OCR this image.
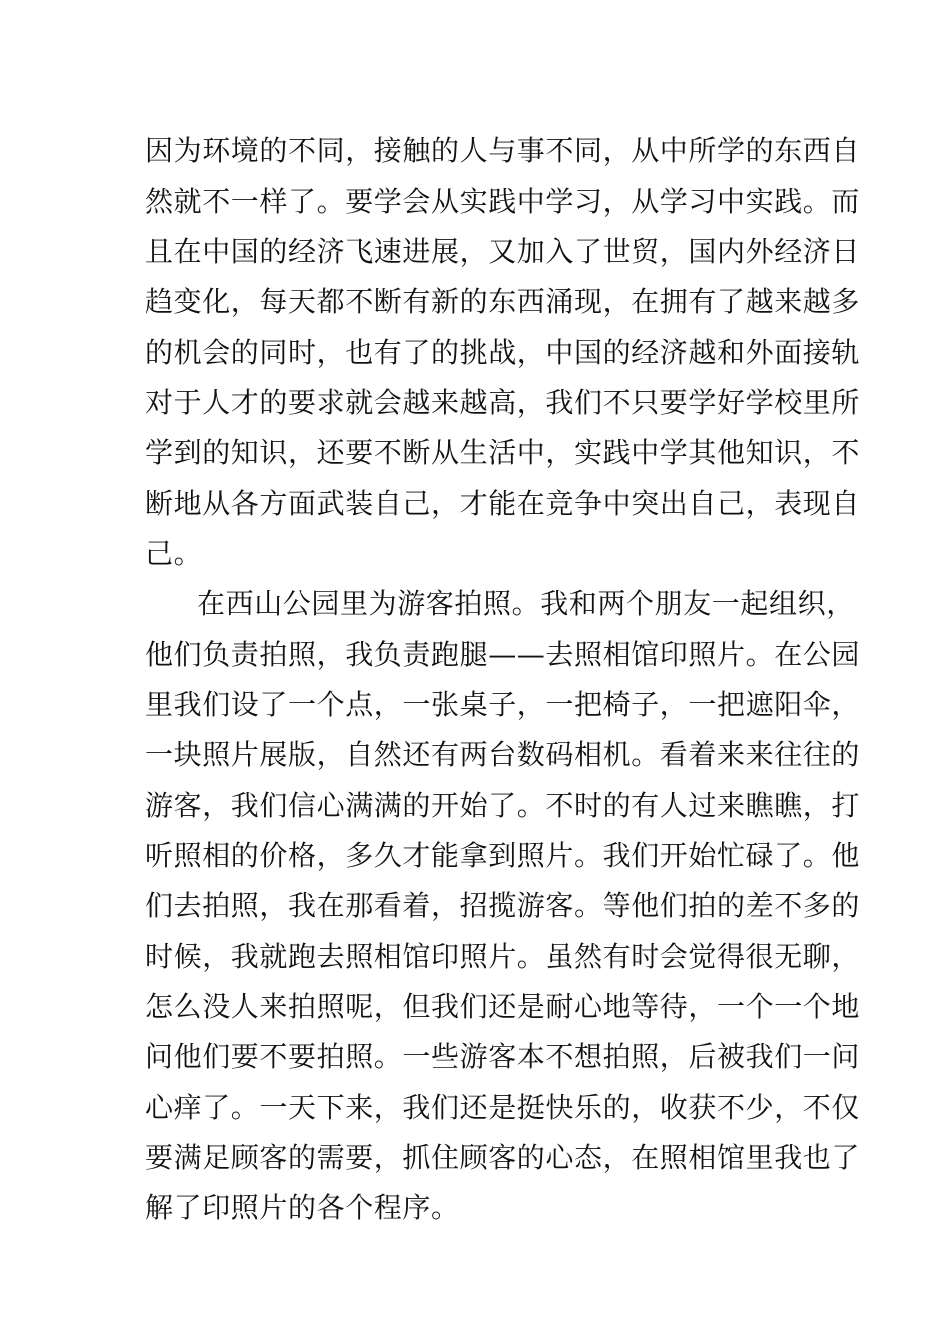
因为环境的不同，接触的人与事不同，从中所学的东西自
然就不一样了。要学会从实践中学习，从学习中实践。而
且在中国的经济飞速进展，又加入了世贸，国内外经济日
趋变化，每天都不断有新的东西涌现，在拥有了越来越多
的机会的同时，也有了的挑战，中国的经济越和外面接轨
对于人才的要求就会越来越高，我们不只要学好学校里所
学到的知识，还要不断从生活中，实践中学其他知识，不
断地从各方面武装自己，才能在竞争中突出自己，表现自
己。
在西山公园里为游客拍照。我和两个朋友一起组织，
他们负责拍照，我负责跑腿——去照相馆印照片。在公园
里我们设了一个点，一张桌子，一把椅子，一把遮阳伞，
一块照片展版，自然还有两台数码相机。看着来来往往的
游客，我们信心满满的开始了。不时的有人过来瞧瞧，打
听照相的价格，多久才能拿到照片。我们开始忙碌了。他
们去拍照，我在那看着，招揽游客。等他们拍的差不多的
时候，我就跑去照相馆印照片。虽然有时会觉得很无聊，
怎么没人来拍照呢，但我们还是耐心地等待，一个一个地
问他们要不要拍照。一些游客本不想拍照，后被我们一问
心痒了。一天下来，我们还是挺快乐的，收获不少，不仅
要满足顾客的需要，抓住顾客的心态，在照相馆里我也了
解了印照片的各个程序。
